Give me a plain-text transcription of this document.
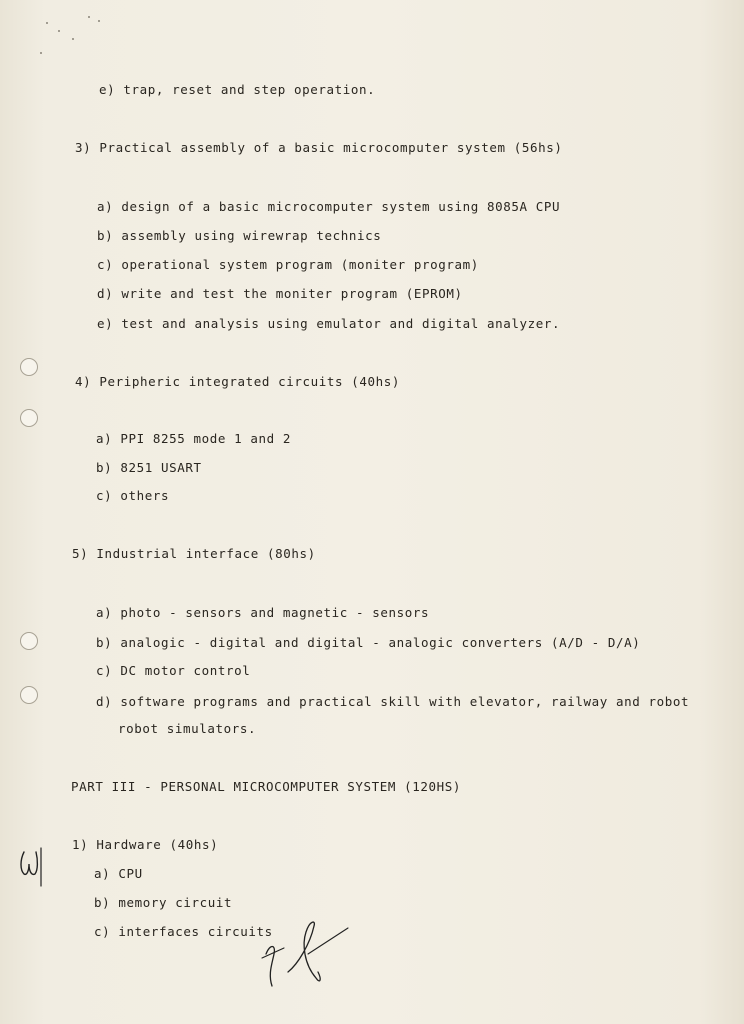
e) trap, reset and step operation.
3) Practical assembly of a basic microcomputer system (56hs)
a) design of a basic microcomputer system using 8085A CPU
b) assembly using wirewrap technics
c) operational system program (moniter program)
d) write and test the moniter program (EPROM)
e) test and analysis using emulator and digital analyzer.
4) Peripheric integrated circuits (40hs)
a) PPI 8255 mode 1 and 2
b) 8251 USART
c) others
5) Industrial interface (80hs)
a) photo - sensors and magnetic - sensors
b) analogic - digital and digital - analogic converters (A/D - D/A)
c) DC motor control
d) software programs and practical skill with elevator, railway and robot
robot simulators.
PART III - PERSONAL MICROCOMPUTER SYSTEM (120HS)
1) Hardware (40hs)
a) CPU
b) memory circuit
c) interfaces circuits
